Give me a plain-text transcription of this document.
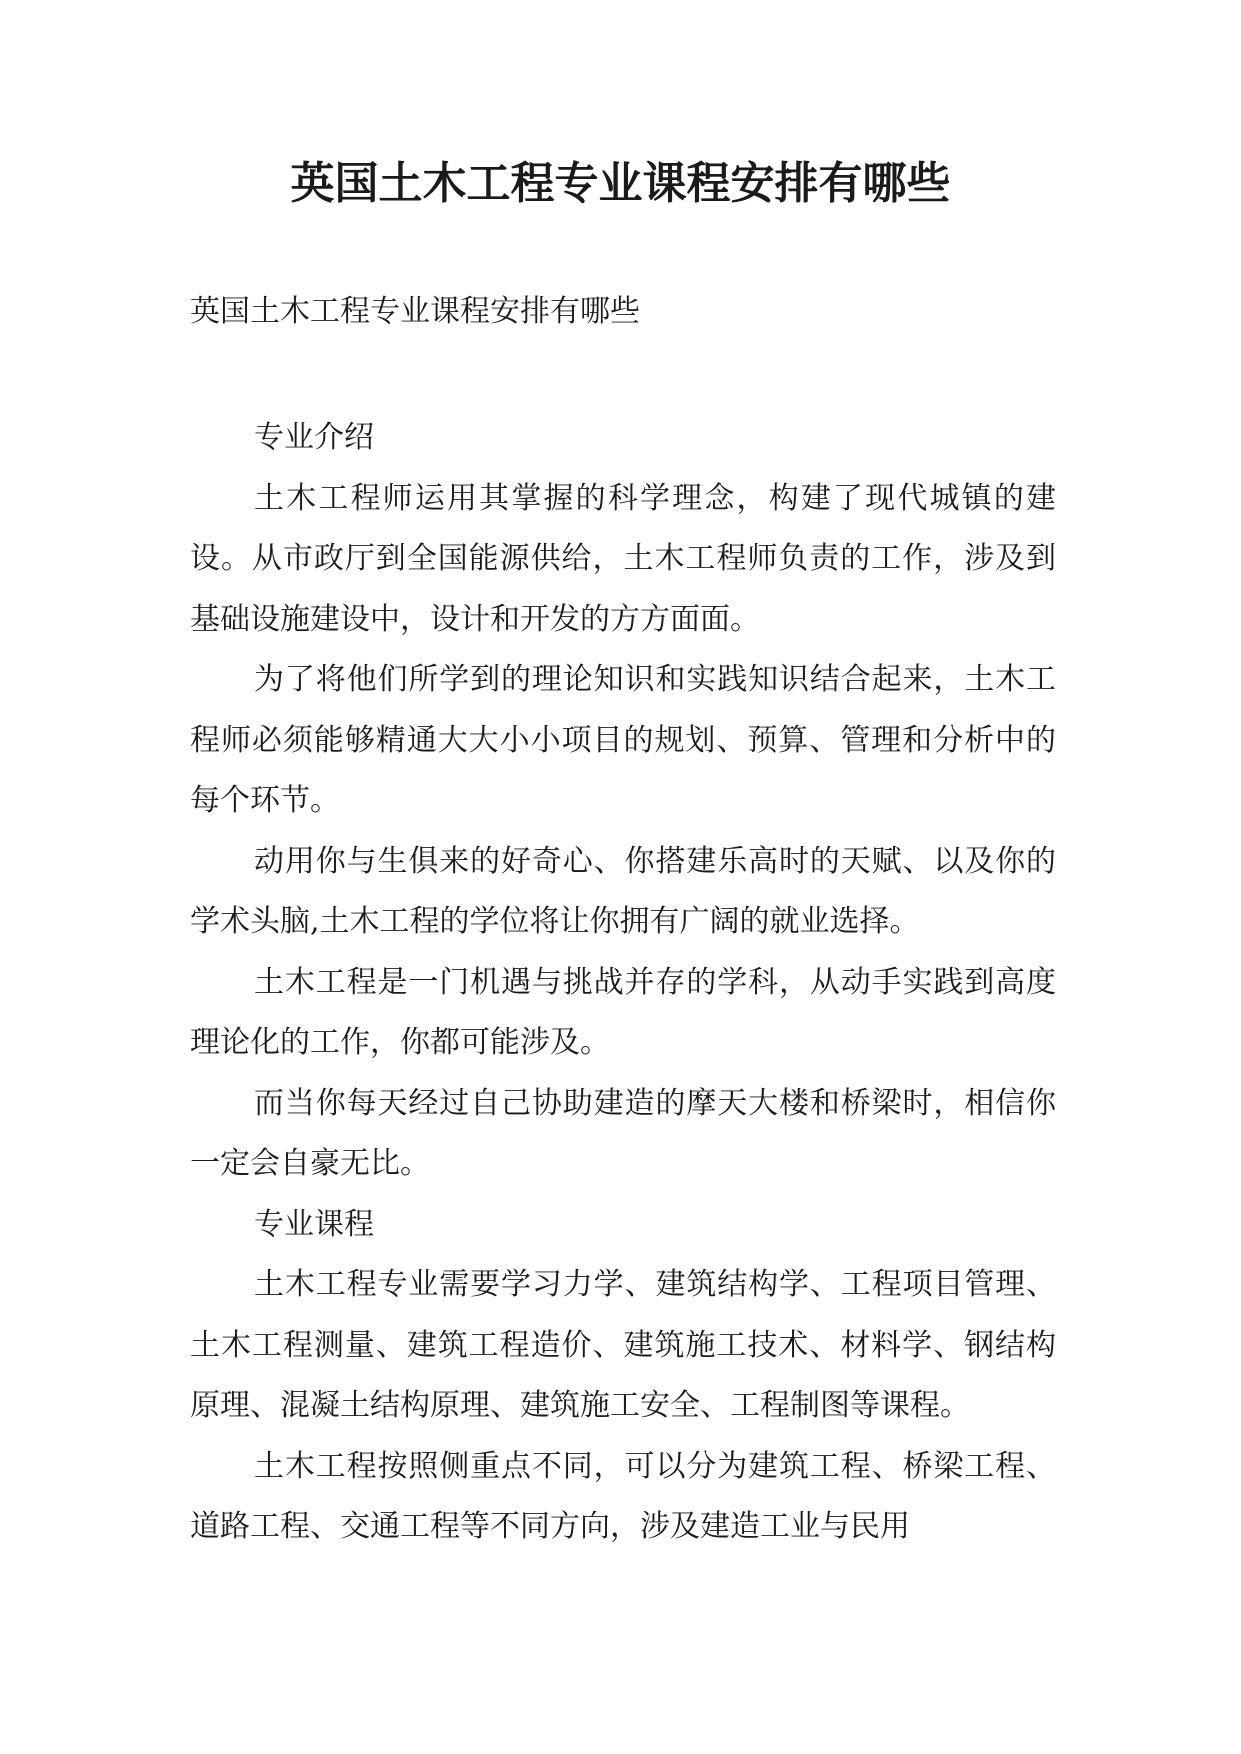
英国土木工程专业课程安排有哪些

英国土木工程专业课程安排有哪些

专业介绍

土木工程师运用其掌握的科学理念，构建了现代城镇的建设。从市政厅到全国能源供给，土木工程师负责的工作，涉及到基础设施建设中，设计和开发的方方面面。

为了将他们所学到的理论知识和实践知识结合起来，土木工程师必须能够精通大大小小项目的规划、预算、管理和分析中的每个环节。

动用你与生俱来的好奇心、你搭建乐高时的天赋、以及你的学术头脑,土木工程的学位将让你拥有广阔的就业选择。

土木工程是一门机遇与挑战并存的学科，从动手实践到高度理论化的工作，你都可能涉及。

而当你每天经过自己协助建造的摩天大楼和桥梁时，相信你一定会自豪无比。

专业课程

土木工程专业需要学习力学、建筑结构学、工程项目管理、土木工程测量、建筑工程造价、建筑施工技术、材料学、钢结构原理、混凝土结构原理、建筑施工安全、工程制图等课程。

土木工程按照侧重点不同，可以分为建筑工程、桥梁工程、道路工程、交通工程等不同方向，涉及建造工业与民用
